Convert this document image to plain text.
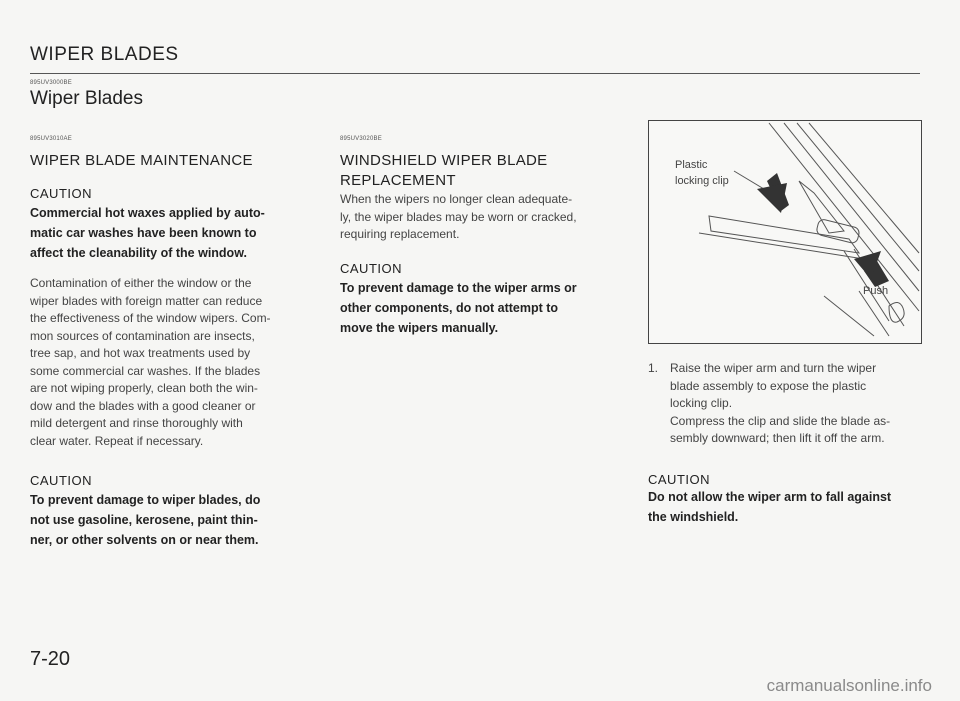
WIPER BLADES
895UV3000BE
Wiper Blades
895UV3010AE
WIPER BLADE MAINTENANCE
CAUTION
Commercial hot waxes applied by auto-
matic car washes have been known to
affect the cleanability of the window.
Contamination of either the window or the
wiper blades with foreign matter can reduce
the effectiveness of the window wipers. Com-
mon sources of contamination are insects,
tree sap, and hot wax treatments used by
some commercial car washes. If the blades
are not wiping properly, clean both the win-
dow and the blades with a good cleaner or
mild detergent and rinse thoroughly with
clear water. Repeat if necessary.
CAUTION
To prevent damage to wiper blades, do
not use gasoline, kerosene, paint thin-
ner, or other solvents on or near them.
895UV3020BE
WINDSHIELD WIPER BLADE
REPLACEMENT
When the wipers no longer clean adequate-
ly, the wiper blades may be worn or cracked,
requiring replacement.
CAUTION
To prevent damage to the wiper arms or
other components, do not attempt to
move the wipers manually.
Plastic
locking clip
Push
1. Raise the wiper arm and turn the wiper
blade assembly to expose the plastic
locking clip.
Compress the clip and slide the blade as-
sembly downward; then lift it off the arm.
CAUTION
Do not allow the wiper arm to fall against
the windshield.
7-20
carmanualsonline.info
